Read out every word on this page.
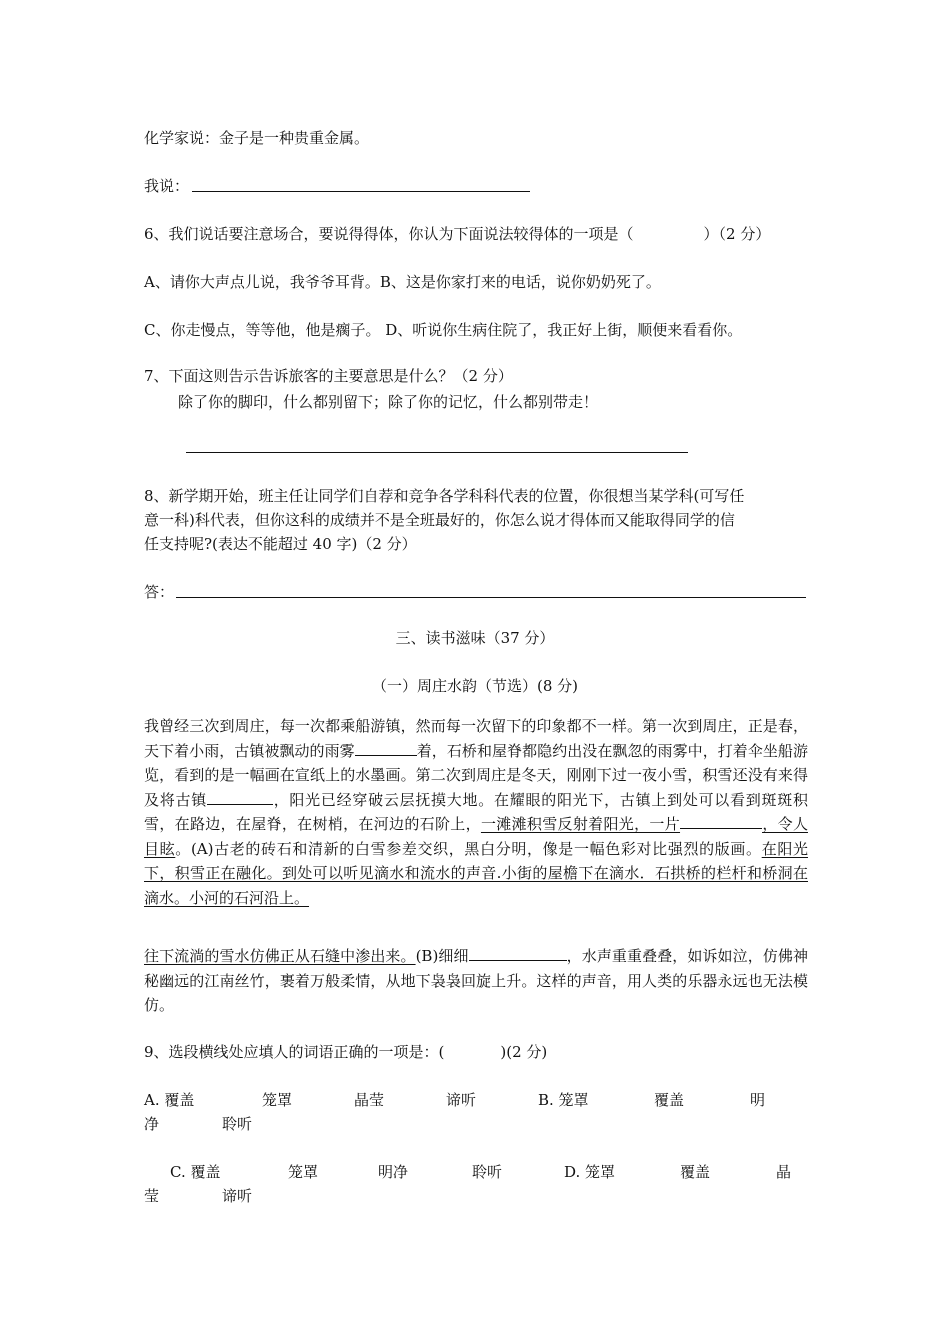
化学家说：金子是一种贵重金属。
我说：
6、我们说话要注意场合，要说得得体，你认为下面说法较得体的一项是（	）（2 分）
A、请你大声点儿说，我爷爷耳背。B、这是你家打来的电话，说你奶奶死了。
C、你走慢点，等等他，他是瘸子。 D、听说你生病住院了，我正好上街，顺便来看看你。
7、下面这则告示告诉旅客的主要意思是什么？（2 分）
除了你的脚印，什么都别留下；除了你的记忆，什么都别带走！
8、新学期开始，班主任让同学们自荐和竞争各学科科代表的位置，你很想当某学科(可写任
意一科)科代表，但你这科的成绩并不是全班最好的，你怎么说才得体而又能取得同学的信
任支持呢?(表达不能超过 40 字)（2 分）
答：
三、读书滋味（37 分）
（一）周庄水韵（节选）(8 分)
我曾经三次到周庄，每一次都乘船游镇，然而每一次留下的印象都不一样。第一次到周庄，正是春，天下着小雨，古镇被飘动的雨雾	着，石桥和屋脊都隐约出没在飘忽的雨雾中，打着伞坐船游览，看到的是一幅画在宣纸上的水墨画。第二次到周庄是冬天，刚刚下过一夜小雪，积雪还没有来得及将古镇	，阳光已经穿破云层抚摸大地。在耀眼的阳光下，古镇上到处可以看到斑斑积雪，在路边，在屋脊，在树梢，在河边的石阶上，一滩滩积雪反射着阳光，一片	，令人目眩。(A)古老的砖石和清新的白雪参差交织，黑白分明，像是一幅色彩对比强烈的版画。在阳光下，积雪正在融化。到处可以听见滴水和流水的声音.小街的屋檐下在滴水．石拱桥的栏杆和桥洞在滴水。小河的石河沿上。
往下流淌的雪水仿佛正从石缝中渗出来。(B)细细	，水声重重叠叠，如诉如泣，仿佛神秘幽远的江南丝竹，裹着万般柔情，从地下袅袅回旋上升。这样的声音，用人类的乐器永远也无法模仿。
9、选段横线处应填人的词语正确的一项是：(	)(2 分)
A. 覆盖	笼罩	晶莹	谛听	B. 笼罩	覆盖	明
净	聆听
C. 覆盖	笼罩	明净	聆听	D. 笼罩	覆盖	晶
莹	谛听
